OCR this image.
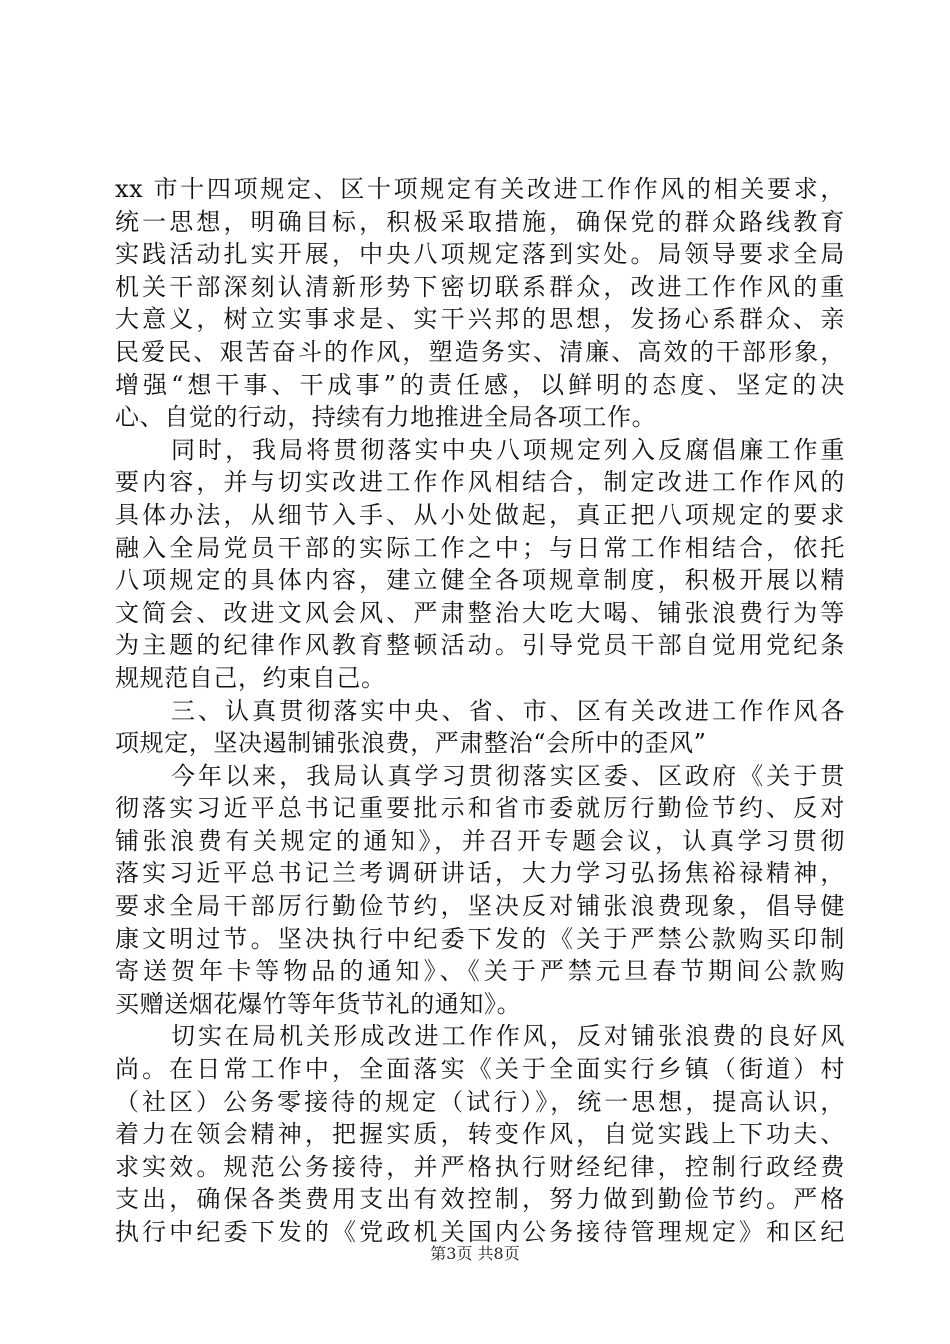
xx 市十四项规定、区十项规定有关改进工作作风的相关要求，
统一思想，明确目标，积极采取措施，确保党的群众路线教育
实践活动扎实开展，中央八项规定落到实处。局领导要求全局
机关干部深刻认清新形势下密切联系群众，改进工作作风的重
大意义，树立实事求是、实干兴邦的思想，发扬心系群众、亲
民爱民、艰苦奋斗的作风，塑造务实、清廉、高效的干部形象，
增强“想干事、干成事”的责任感，以鲜明的态度、坚定的决
心、自觉的行动，持续有力地推进全局各项工作。
同时，我局将贯彻落实中央八项规定列入反腐倡廉工作重
要内容，并与切实改进工作作风相结合，制定改进工作作风的
具体办法，从细节入手、从小处做起，真正把八项规定的要求
融入全局党员干部的实际工作之中；与日常工作相结合，依托
八项规定的具体内容，建立健全各项规章制度，积极开展以精
文简会、改进文风会风、严肃整治大吃大喝、铺张浪费行为等
为主题的纪律作风教育整顿活动。引导党员干部自觉用党纪条
规规范自己，约束自己。
三、认真贯彻落实中央、省、市、区有关改进工作作风各
项规定，坚决遏制铺张浪费，严肃整治“会所中的歪风”
今年以来，我局认真学习贯彻落实区委、区政府《关于贯
彻落实习近平总书记重要批示和省市委就厉行勤俭节约、反对
铺张浪费有关规定的通知》，并召开专题会议，认真学习贯彻
落实习近平总书记兰考调研讲话，大力学习弘扬焦裕禄精神，
要求全局干部厉行勤俭节约，坚决反对铺张浪费现象，倡导健
康文明过节。坚决执行中纪委下发的《关于严禁公款购买印制
寄送贺年卡等物品的通知》、《关于严禁元旦春节期间公款购
买赠送烟花爆竹等年货节礼的通知》。
切实在局机关形成改进工作作风，反对铺张浪费的良好风
尚。在日常工作中，全面落实《关于全面实行乡镇（街道）村
（社区）公务零接待的规定（试行）》，统一思想，提高认识，
着力在领会精神，把握实质，转变作风，自觉实践上下功夫、
求实效。规范公务接待，并严格执行财经纪律，控制行政经费
支出，确保各类费用支出有效控制，努力做到勤俭节约。严格
执行中纪委下发的《党政机关国内公务接待管理规定》和区纪
第3页 共8页
